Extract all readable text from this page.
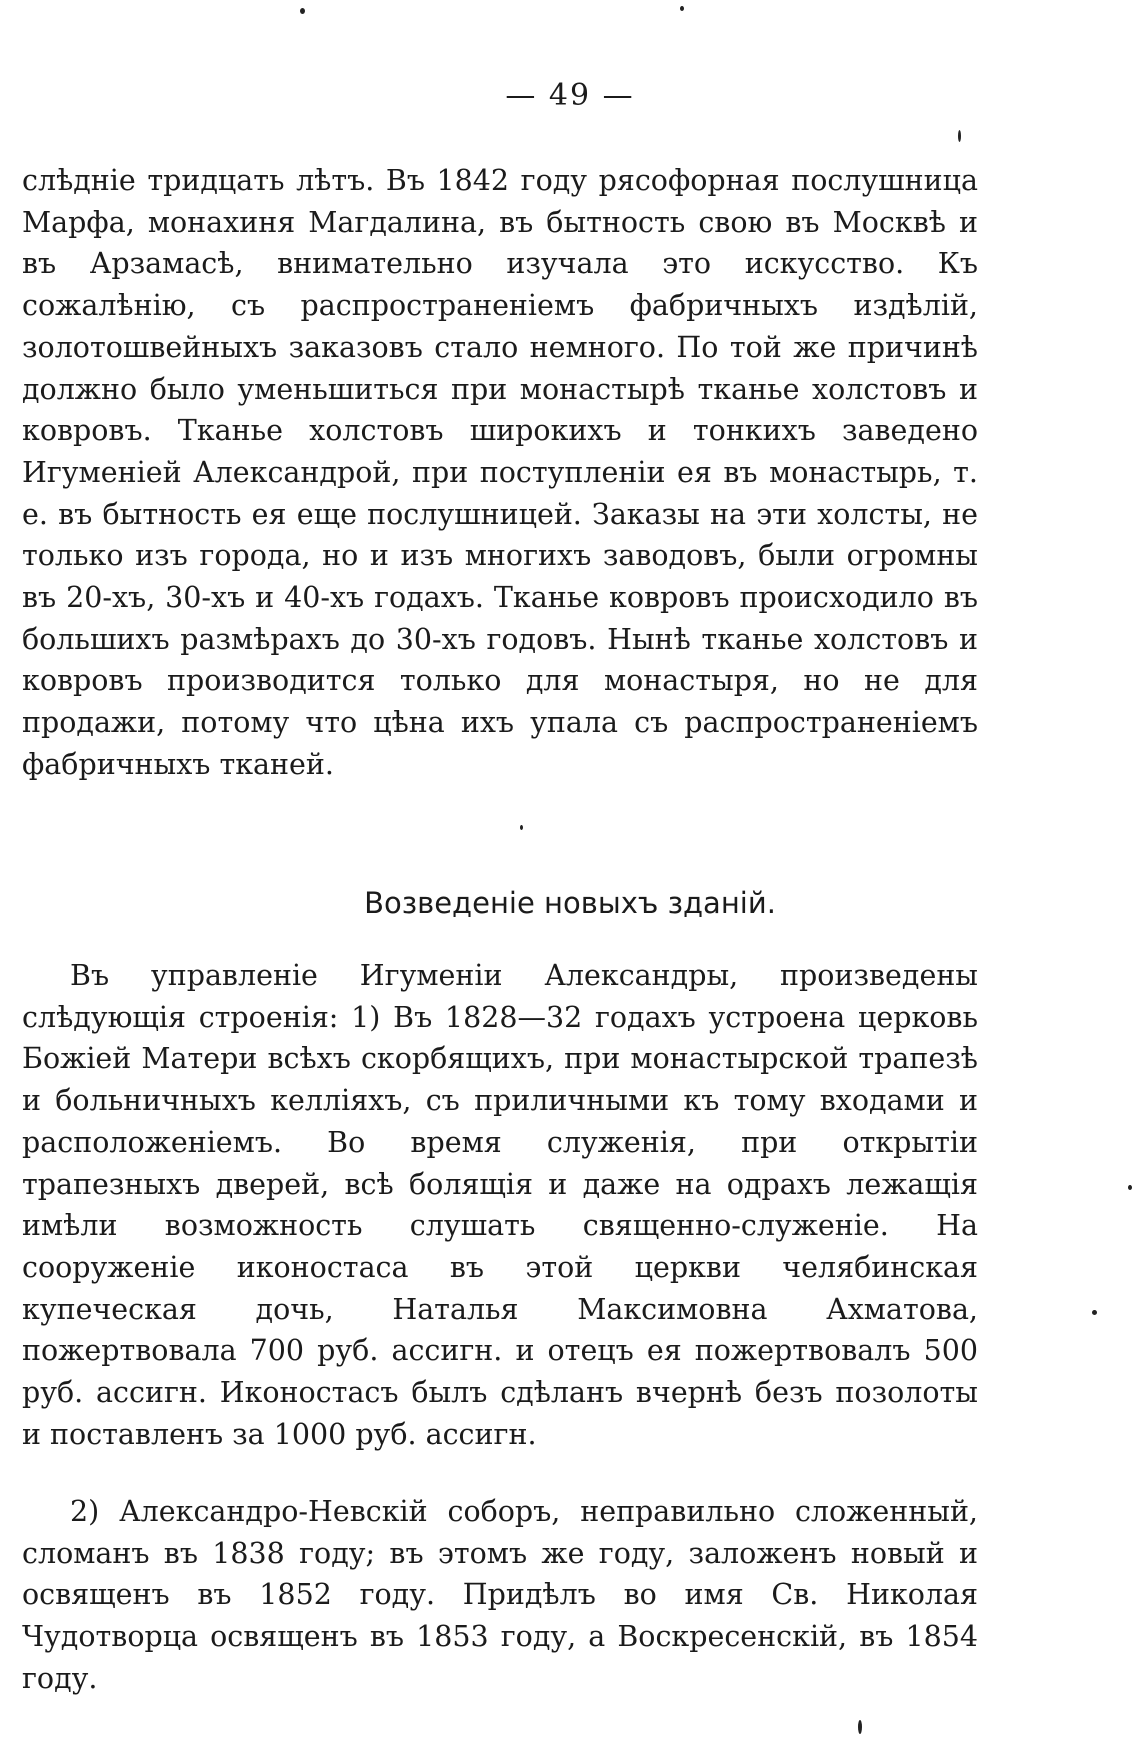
— 49 —

слѣдніе тридцать лѣтъ. Въ 1842 году рясофорная послушница Марфа, монахиня Магдалина, въ бытность свою въ Москвѣ и въ Арзамасѣ, внимательно изучала это искусство. Къ сожалѣнію, съ распространеніемъ фабричныхъ издѣлій, золотошвейныхъ заказовъ стало немного. По той же причинѣ должно было уменьшиться при монастырѣ тканье холстовъ и ковровъ. Тканье холстовъ широкихъ и тонкихъ заведено Игуменіей Александрой, при поступленіи ея въ монастырь, т. е. въ бытность ея еще послушницей. Заказы на эти холсты, не только изъ города, но и изъ многихъ заводовъ, были огромны въ 20-хъ, 30-хъ и 40-хъ годахъ. Тканье ковровъ происходило въ большихъ размѣрахъ до 30-хъ годовъ. Нынѣ тканье холстовъ и ковровъ производится только для монастыря, но не для продажи, потому что цѣна ихъ упала съ распространеніемъ фабричныхъ тканей.

Возведеніе новыхъ зданій.

Въ управленіе Игуменіи Александры, произведены слѣдующія строенія: 1) Въ 1828—32 годахъ устроена церковь Божіей Матери всѣхъ скорбящихъ, при монастырской трапезѣ и больничныхъ келліяхъ, съ приличными къ тому входами и расположеніемъ. Во время служенія, при открытіи трапезныхъ дверей, всѣ болящія и даже на одрахъ лежащія имѣли возможность слушать священно-служеніе. На сооруженіе иконостаса въ этой церкви челябинская купеческая дочь, Наталья Максимовна Ахматова, пожертвовала 700 руб. ассигн. и отецъ ея пожертвовалъ 500 руб. ассигн. Иконостасъ былъ сдѣланъ вчернѣ безъ позолоты и поставленъ за 1000 руб. ассигн.

2) Александро-Невскій соборъ, неправильно сложенный, сломанъ въ 1838 году; въ этомъ же году, заложенъ новый и освященъ въ 1852 году. Придѣлъ во имя Св. Николая Чудотворца освященъ въ 1853 году, а Воскресенскій, въ 1854 году.
